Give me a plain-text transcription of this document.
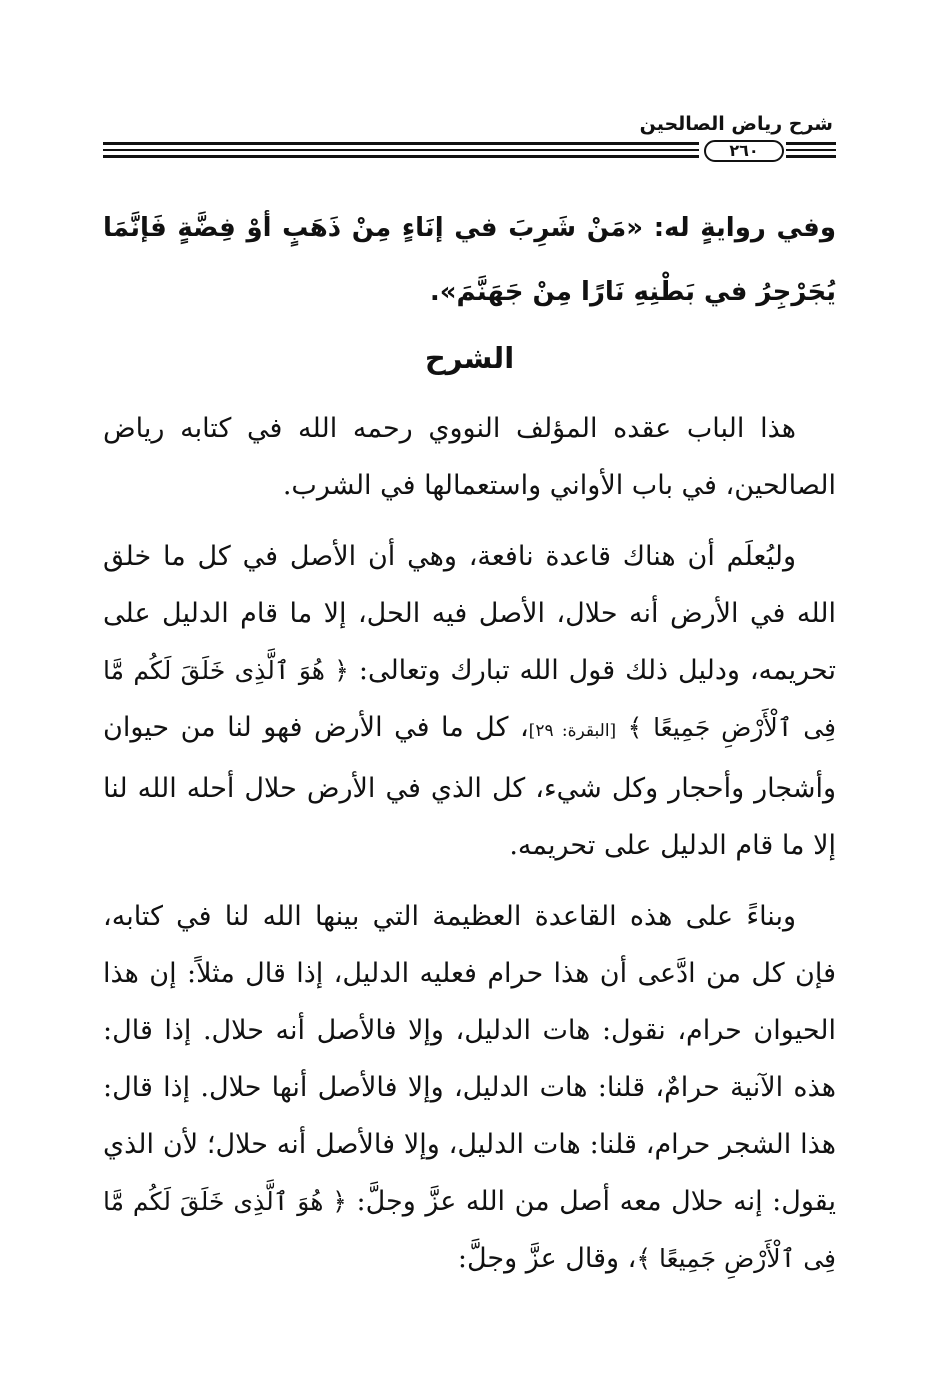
شرح رياض الصالحين
٢٦٠

وفي روايةٍ له: «مَنْ شَرِبَ في إنَاءٍ مِنْ ذَهَبٍ أوْ فِضَّةٍ فَإنَّمَا يُجَرْجِرُ في بَطْنِهِ نَارًا مِنْ جَهَنَّمَ».

الشرح

هذا الباب عقده المؤلف النووي رحمه الله في كتابه رياض الصالحين، في باب الأواني واستعمالها في الشرب.

وليُعلَم أن هناك قاعدة نافعة، وهي أن الأصل في كل ما خلق الله في الأرض أنه حلال، الأصل فيه الحل، إلا ما قام الدليل على تحريمه، ودليل ذلك قول الله تبارك وتعالى: ﴿ هُوَ ٱلَّذِى خَلَقَ لَكُم مَّا فِى ٱلْأَرْضِ جَمِيعًا ﴾ [البقرة: ٢٩]، كل ما في الأرض فهو لنا من حيوان وأشجار وأحجار وكل شيء، كل الذي في الأرض حلال أحله الله لنا إلا ما قام الدليل على تحريمه.

وبناءً على هذه القاعدة العظيمة التي بينها الله لنا في كتابه، فإن كل من ادَّعى أن هذا حرام فعليه الدليل، إذا قال مثلاً: إن هذا الحيوان حرام، نقول: هات الدليل، وإلا فالأصل أنه حلال. إذا قال: هذه الآنية حرامٌ، قلنا: هات الدليل، وإلا فالأصل أنها حلال. إذا قال: هذا الشجر حرام، قلنا: هات الدليل، وإلا فالأصل أنه حلال؛ لأن الذي يقول: إنه حلال معه أصل من الله عزَّ وجلَّ: ﴿ هُوَ ٱلَّذِى خَلَقَ لَكُم مَّا فِى ٱلْأَرْضِ جَمِيعًا ﴾، وقال عزَّ وجلَّ:
